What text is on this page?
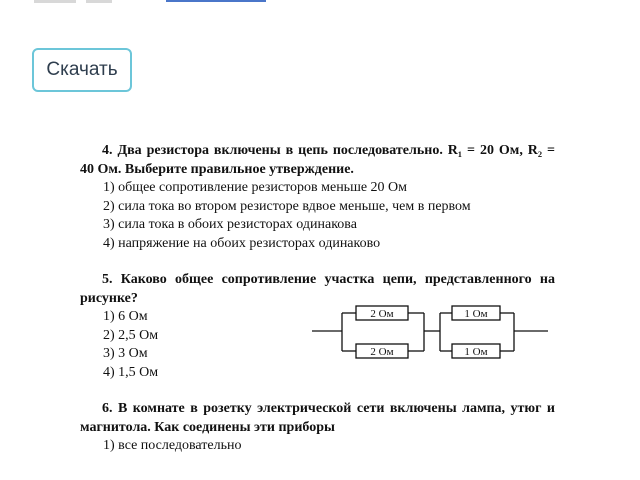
Скачать
4. Два резистора включены в цепь последовательно. R₁ = 20 Ом, R₂ = 40 Ом. Выберите правильное утверждение.
1) общее сопротивление резисторов меньше 20 Ом
2) сила тока во втором резисторе вдвое меньше, чем в первом
3) сила тока в обоих резисторах одинакова
4) напряжение на обоих резисторах одинаково
5. Каково общее сопротивление участка цепи, представленного на рисунке?
1) 6 Ом
2) 2,5 Ом
3) 3 Ом
4) 1,5 Ом
2 Ом
2 Ом
1 Ом
1 Ом
6. В комнате в розетку электрической сети включены лампа, утюг и магнитола. Как соединены эти приборы
1) все последовательно
